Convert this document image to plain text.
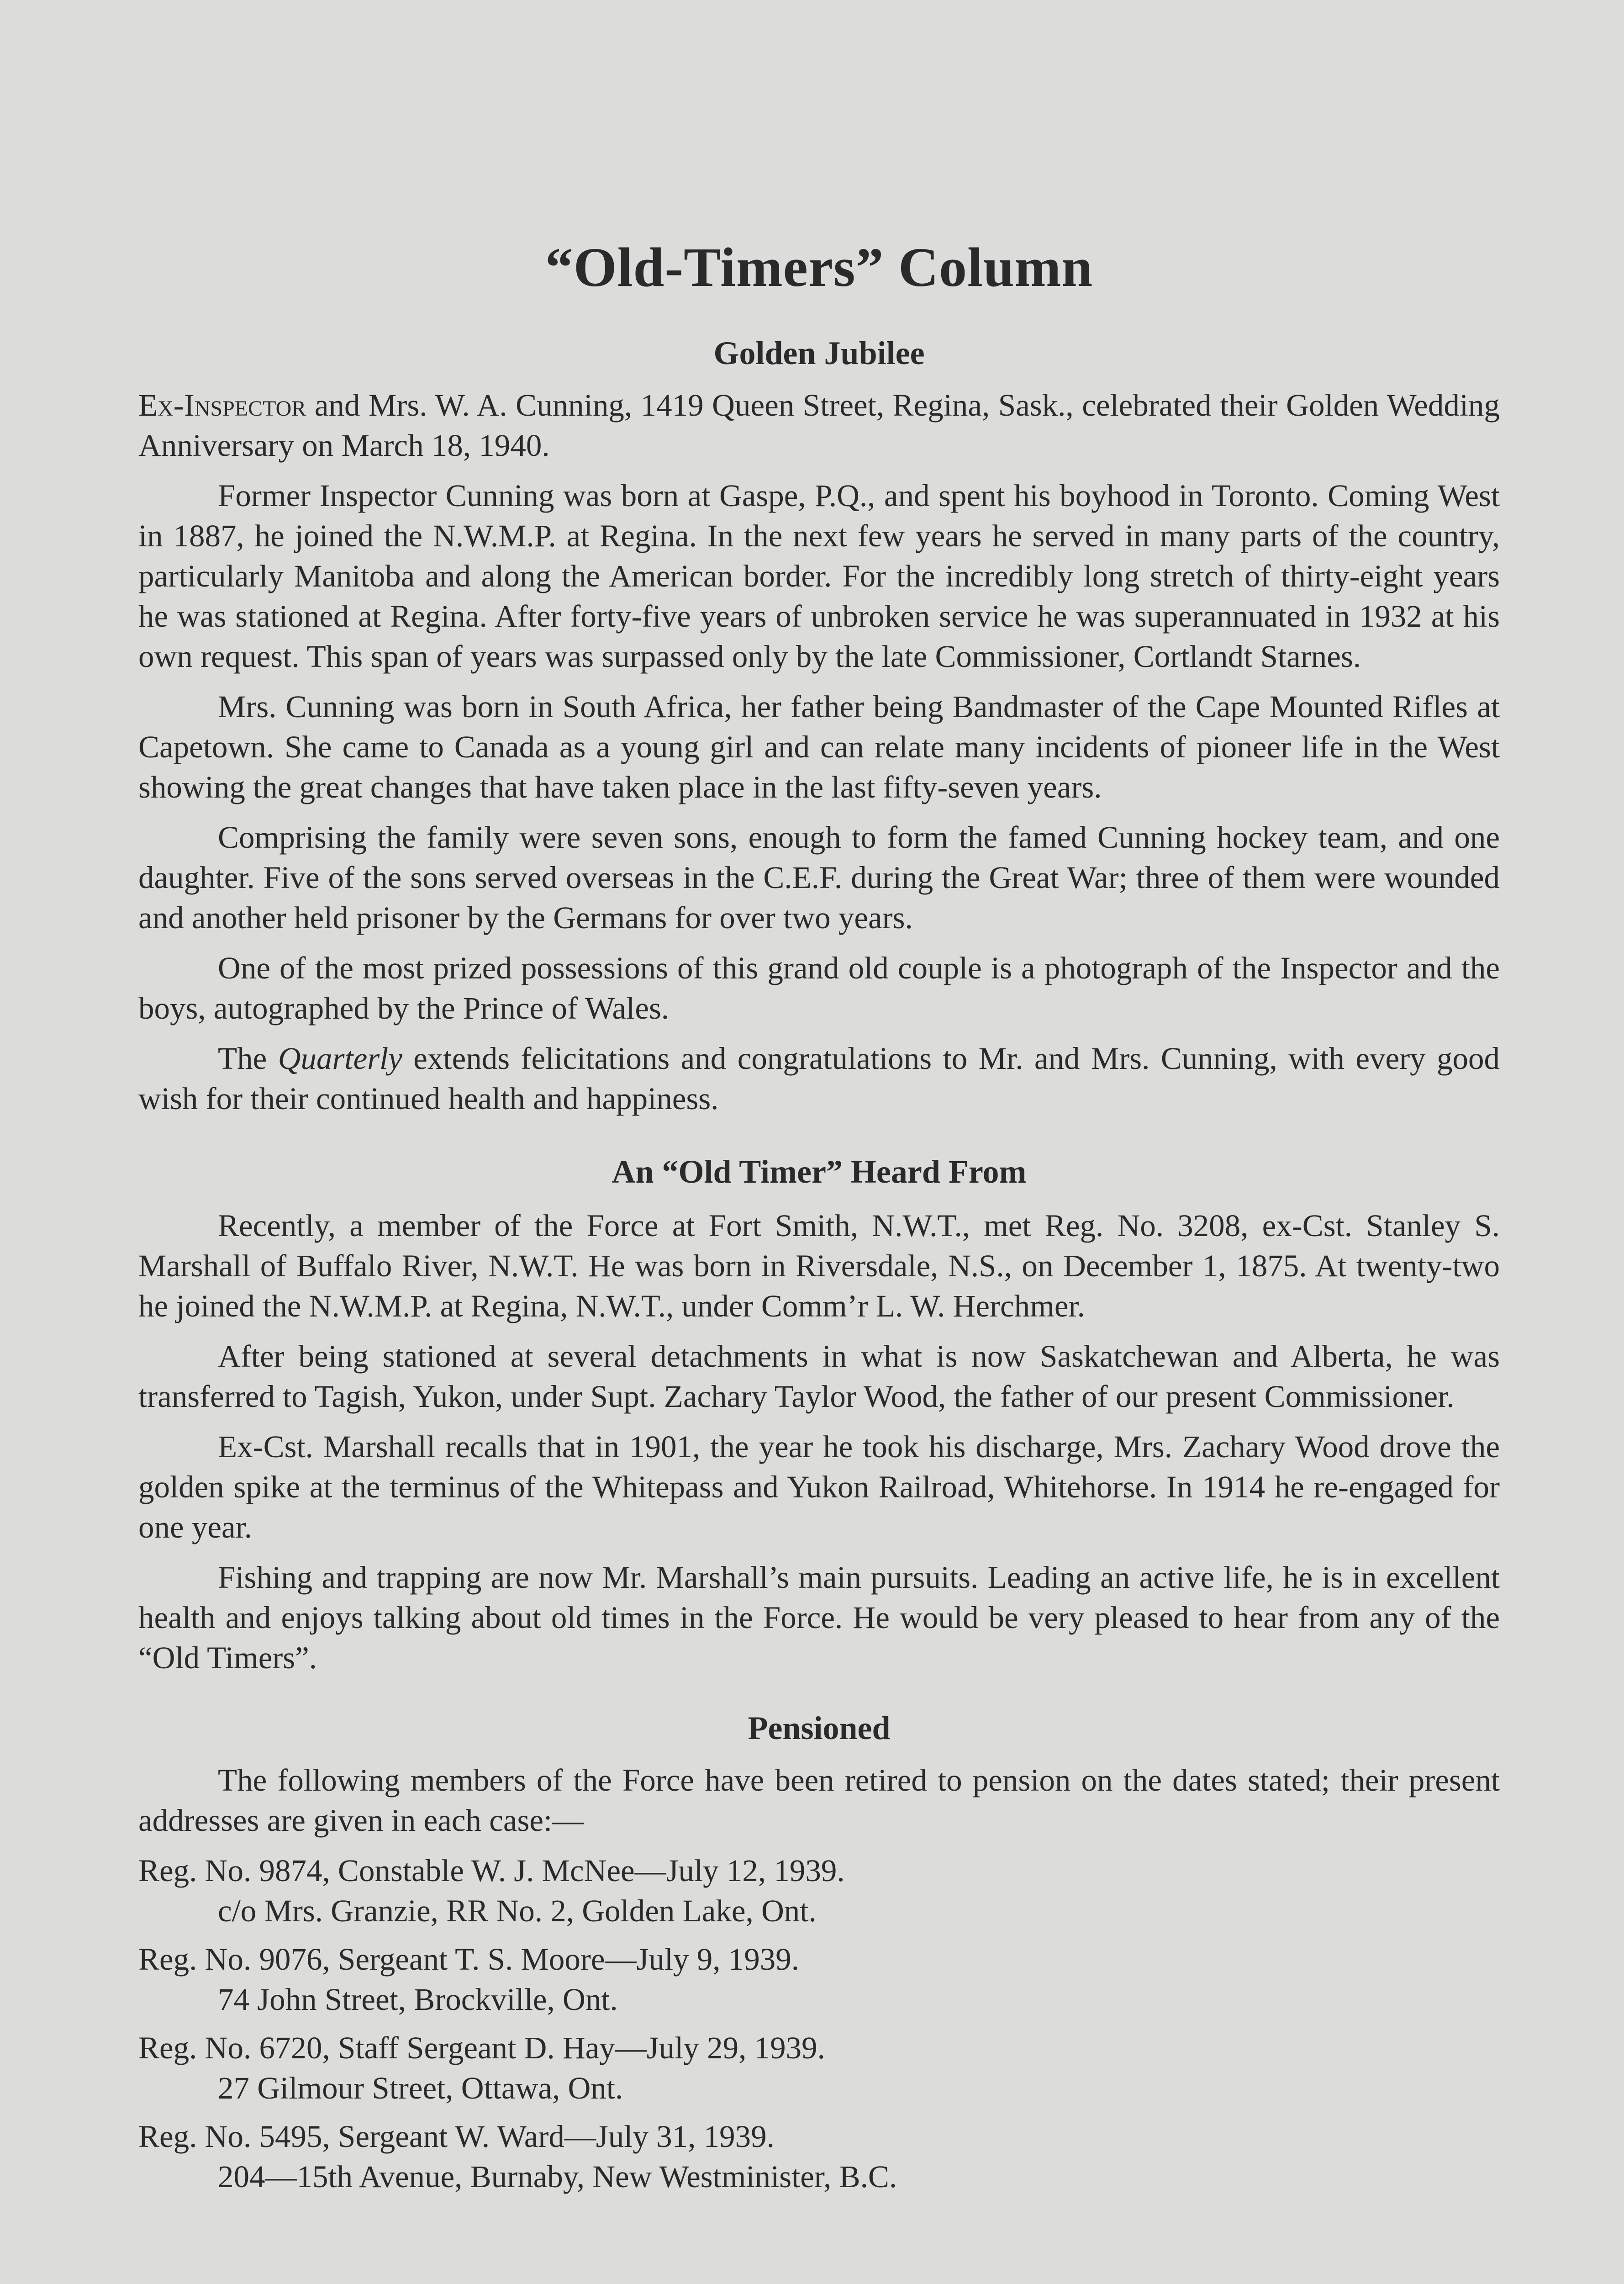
“Old-Timers” Column
Golden Jubilee

Ex-Inspector and Mrs. W. A. Cunning, 1419 Queen Street, Regina, Sask., celebrated their Golden Wedding Anniversary on March 18, 1940.

Former Inspector Cunning was born at Gaspe, P.Q., and spent his boyhood in Toronto. Coming West in 1887, he joined the N.W.M.P. at Regina. In the next few years he served in many parts of the country, particularly Manitoba and along the American border. For the incredibly long stretch of thirty-eight years he was stationed at Regina. After forty-five years of unbroken service he was superannuated in 1932 at his own request. This span of years was surpassed only by the late Commissioner, Cortlandt Starnes.

Mrs. Cunning was born in South Africa, her father being Bandmaster of the Cape Mounted Rifles at Capetown. She came to Canada as a young girl and can relate many incidents of pioneer life in the West showing the great changes that have taken place in the last fifty-seven years.

Comprising the family were seven sons, enough to form the famed Cunning hockey team, and one daughter. Five of the sons served overseas in the C.E.F. during the Great War; three of them were wounded and another held prisoner by the Germans for over two years.

One of the most prized possessions of this grand old couple is a photograph of the Inspector and the boys, autographed by the Prince of Wales.

The Quarterly extends felicitations and congratulations to Mr. and Mrs. Cunning, with every good wish for their continued health and happiness.

An “Old Timer” Heard From

Recently, a member of the Force at Fort Smith, N.W.T., met Reg. No. 3208, ex-Cst. Stanley S. Marshall of Buffalo River, N.W.T. He was born in Riversdale, N.S., on December 1, 1875. At twenty-two he joined the N.W.M.P. at Regina, N.W.T., under Comm’r L. W. Herchmer.

After being stationed at several detachments in what is now Saskatchewan and Alberta, he was transferred to Tagish, Yukon, under Supt. Zachary Taylor Wood, the father of our present Commissioner.

Ex-Cst. Marshall recalls that in 1901, the year he took his discharge, Mrs. Zachary Wood drove the golden spike at the terminus of the Whitepass and Yukon Railroad, Whitehorse. In 1914 he re-engaged for one year.

Fishing and trapping are now Mr. Marshall’s main pursuits. Leading an active life, he is in excellent health and enjoys talking about old times in the Force. He would be very pleased to hear from any of the “Old Timers”.

Pensioned

The following members of the Force have been retired to pension on the dates stated; their present addresses are given in each case:—

Reg. No. 9874, Constable W. J. McNee—July 12, 1939.
c/o Mrs. Granzie, RR No. 2, Golden Lake, Ont.
Reg. No. 9076, Sergeant T. S. Moore—July 9, 1939.
74 John Street, Brockville, Ont.
Reg. No. 6720, Staff Sergeant D. Hay—July 29, 1939.
27 Gilmour Street, Ottawa, Ont.
Reg. No. 5495, Sergeant W. Ward—July 31, 1939.
204—15th Avenue, Burnaby, New Westminister, B.C.
